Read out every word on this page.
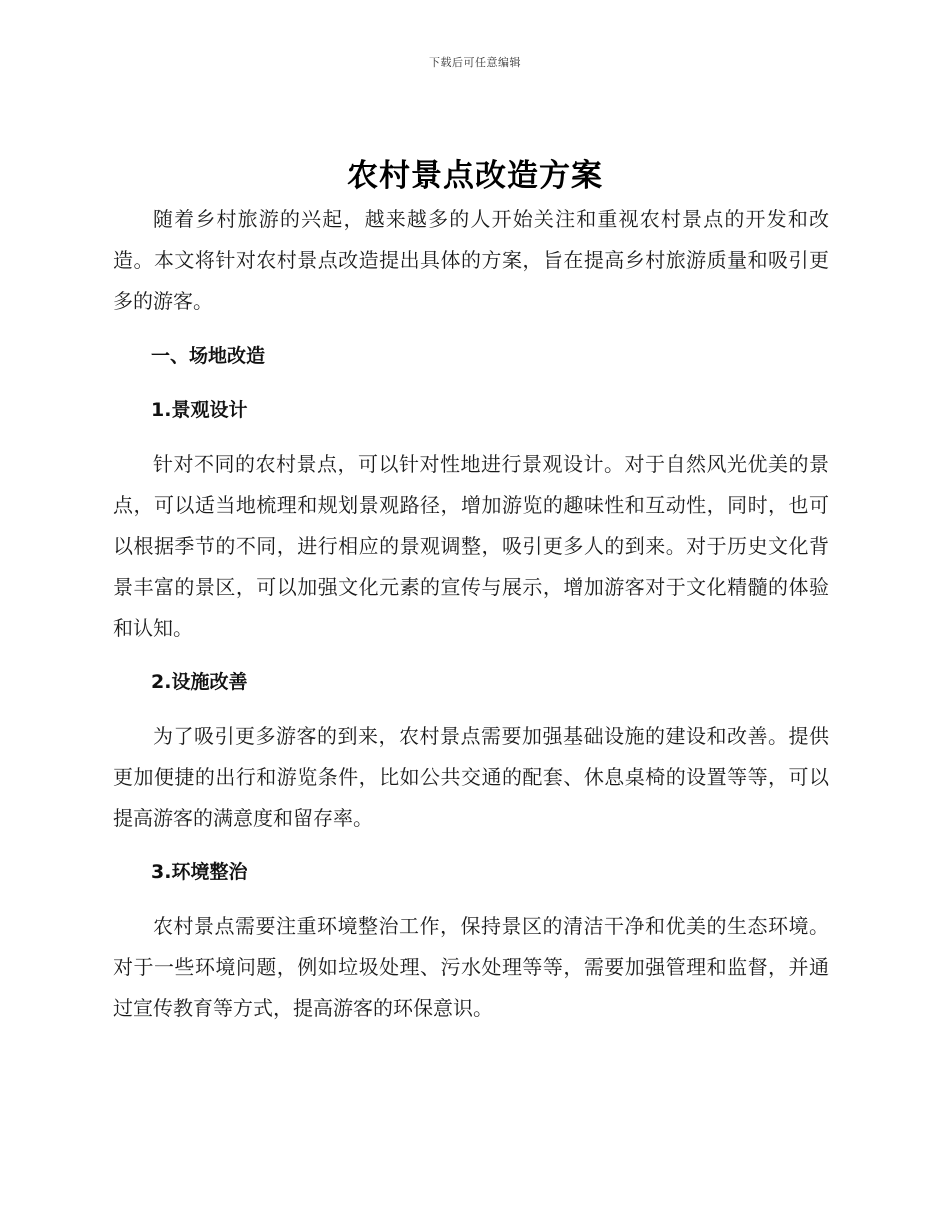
下载后可任意编辑
农村景点改造方案

随着乡村旅游的兴起，越来越多的人开始关注和重视农村景点的开发和改造。本文将针对农村景点改造提出具体的方案，旨在提高乡村旅游质量和吸引更多的游客。

一、场地改造

1.景观设计

针对不同的农村景点，可以针对性地进行景观设计。对于自然风光优美的景点，可以适当地梳理和规划景观路径，增加游览的趣味性和互动性，同时，也可以根据季节的不同，进行相应的景观调整，吸引更多人的到来。对于历史文化背景丰富的景区，可以加强文化元素的宣传与展示，增加游客对于文化精髓的体验和认知。

2.设施改善

为了吸引更多游客的到来，农村景点需要加强基础设施的建设和改善。提供更加便捷的出行和游览条件，比如公共交通的配套、休息桌椅的设置等等，可以提高游客的满意度和留存率。

3.环境整治

农村景点需要注重环境整治工作，保持景区的清洁干净和优美的生态环境。对于一些环境问题，例如垃圾处理、污水处理等等，需要加强管理和监督，并通过宣传教育等方式，提高游客的环保意识。
